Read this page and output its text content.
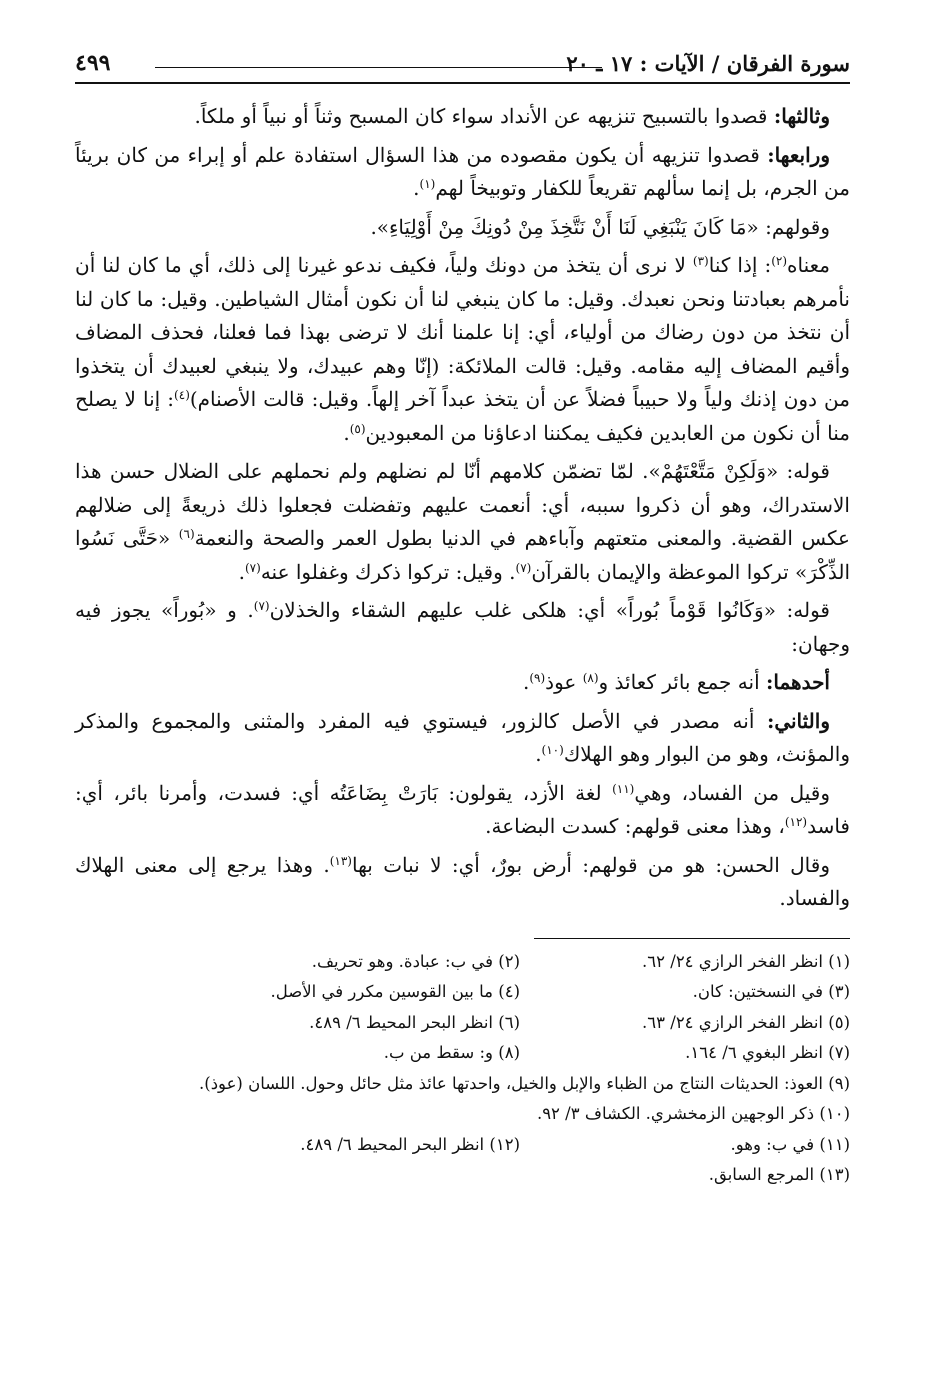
سورة الفرقان / الآيات : ١٧ ـ ٢٠
٤٩٩

وثالثها: قصدوا بالتسبيح تنزيهه عن الأنداد سواء كان المسبح وثناً أو نبياً أو ملكاً.

ورابعها: قصدوا تنزيهه أن يكون مقصوده من هذا السؤال استفادة علم أو إبراء من كان بريئاً من الجرم، بل إنما سألهم تقريعاً للكفار وتوبيخاً لهم$^{(١)}$.

وقولهم: «مَا كَانَ يَنْبَغِي لَنَا أَنْ نَتَّخِذَ مِنْ دُونِكَ مِنْ أَوْلِيَاءِ».

معناه$^{(٢)}$: إذا كنا$^{(٣)}$ لا نرى أن يتخذ من دونك ولياً، فكيف ندعو غيرنا إلى ذلك، أي ما كان لنا أن نأمرهم بعبادتنا ونحن نعبدك. وقيل: ما كان ينبغي لنا أن نكون أمثال الشياطين. وقيل: ما كان لنا أن نتخذ من دون رضاك من أولياء، أي: إنا علمنا أنك لا ترضى بهذا فما فعلنا، فحذف المضاف وأقيم المضاف إليه مقامه. وقيل: قالت الملائكة: (إنّا وهم عبيدك، ولا ينبغي لعبيدك أن يتخذوا من دون إذنك ولياً ولا حبيباً فضلاً عن أن يتخذ عبداً آخر إلهاً. وقيل: قالت الأصنام)$^{(٤)}$: إنا لا يصلح منا أن نكون من العابدين فكيف يمكننا ادعاؤنا من المعبودين$^{(٥)}$.

قوله: «وَلَكِنْ مَتَّعْتَهُمْ». لمّا تضمّن كلامهم أنّا لم نضلهم ولم نحملهم على الضلال حسن هذا الاستدراك، وهو أن ذكروا سببه، أي: أنعمت عليهم وتفضلت فجعلوا ذلك ذريعةً إلى ضلالهم عكس القضية. والمعنى متعتهم وآباءهم في الدنيا بطول العمر والصحة والنعمة$^{(٦)}$ «حَتَّى نَسُوا الذِّكْرَ» تركوا الموعظة والإيمان بالقرآن$^{(٧)}$. وقيل: تركوا ذكرك وغفلوا عنه$^{(٧)}$.

قوله: «وَكَانُوا قَوْماً بُوراً» أي: هلكى غلب عليهم الشقاء والخذلان$^{(٧)}$. و «بُوراً» يجوز فيه وجهان:

أحدهما: أنه جمع بائر كعائذ و$^{(٨)}$ عوذ$^{(٩)}$.

والثاني: أنه مصدر في الأصل كالزور، فيستوي فيه المفرد والمثنى والمجموع والمذكر والمؤنث، وهو من البوار وهو الهلاك$^{(١٠)}$.

وقيل من الفساد، وهي$^{(١١)}$ لغة الأزد، يقولون: بَارَتْ بِضَاعَتُه أي: فسدت، وأمرنا بائر، أي: فاسد$^{(١٢)}$، وهذا معنى قولهم: كسدت البضاعة.

وقال الحسن: هو من قولهم: أرض بورٌ، أي: لا نبات بها$^{(١٣)}$. وهذا يرجع إلى معنى الهلاك والفساد.

(١) انظر الفخر الرازي ٢٤/ ٦٢.
(٢) في ب: عبادة. وهو تحريف.
(٣) في النسختين: كان.
(٤) ما بين القوسين مكرر في الأصل.
(٥) انظر الفخر الرازي ٢٤/ ٦٣.
(٦) انظر البحر المحيط ٦/ ٤٨٩.
(٧) انظر البغوي ٦/ ١٦٤.
(٨) و: سقط من ب.
(٩) العوذ: الحديثات النتاج من الظباء والإبل والخيل، واحدتها عائذ مثل حائل وحول. اللسان (عوذ).
(١٠) ذكر الوجهين الزمخشري. الكشاف ٣/ ٩٢.
(١١) في ب: وهو.
(١٢) انظر البحر المحيط ٦/ ٤٨٩.
(١٣) المرجع السابق.
